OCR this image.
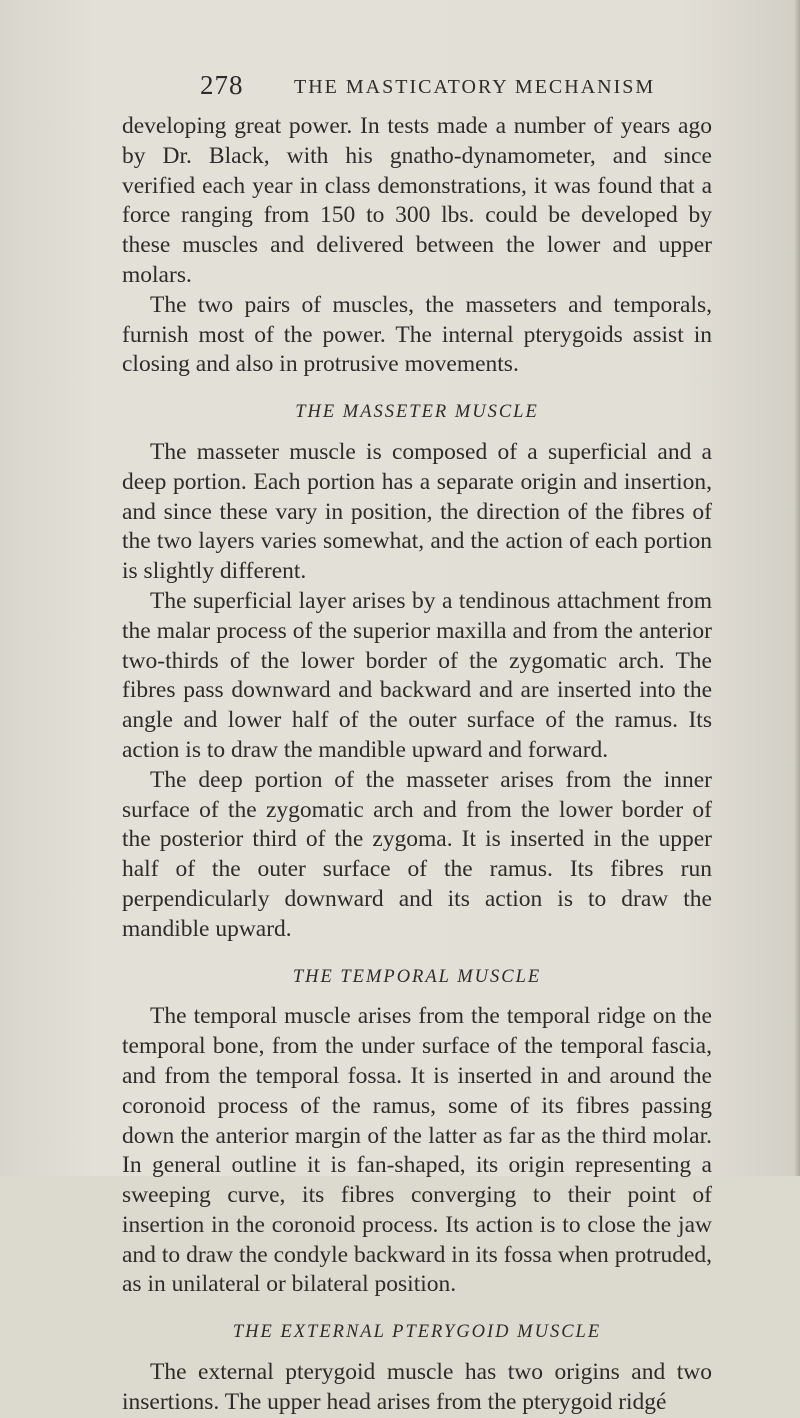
278	THE MASTICATORY MECHANISM

developing great power. In tests made a number of years ago by Dr. Black, with his gnatho-dynamometer, and since verified each year in class demonstrations, it was found that a force ranging from 150 to 300 lbs. could be developed by these muscles and delivered between the lower and upper molars.

The two pairs of muscles, the masseters and temporals, furnish most of the power. The internal pterygoids assist in closing and also in protrusive movements.

THE MASSETER MUSCLE

The masseter muscle is composed of a superficial and a deep portion. Each portion has a separate origin and insertion, and since these vary in position, the direction of the fibres of the two layers varies somewhat, and the action of each portion is slightly different.

The superficial layer arises by a tendinous attachment from the malar process of the superior maxilla and from the anterior two-thirds of the lower border of the zygomatic arch. The fibres pass downward and backward and are inserted into the angle and lower half of the outer surface of the ramus. Its action is to draw the mandible upward and forward.

The deep portion of the masseter arises from the inner surface of the zygomatic arch and from the lower border of the posterior third of the zygoma. It is inserted in the upper half of the outer surface of the ramus. Its fibres run perpendicularly downward and its action is to draw the mandible upward.

THE TEMPORAL MUSCLE

The temporal muscle arises from the temporal ridge on the temporal bone, from the under surface of the temporal fascia, and from the temporal fossa. It is inserted in and around the coronoid process of the ramus, some of its fibres passing down the anterior margin of the latter as far as the third molar. In general outline it is fan-shaped, its origin representing a sweeping curve, its fibres converging to their point of insertion in the coronoid process. Its action is to close the jaw and to draw the condyle backward in its fossa when protruded, as in unilateral or bilateral position.

THE EXTERNAL PTERYGOID MUSCLE

The external pterygoid muscle has two origins and two insertions. The upper head arises from the pterygoid ridgé
